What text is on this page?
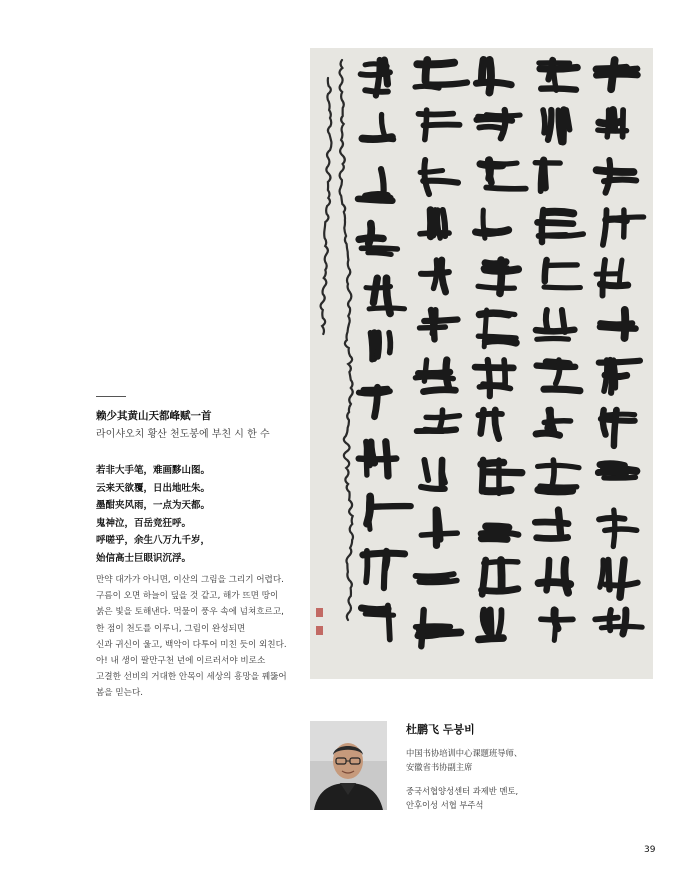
赖少其黄山天都峰赋一首
라이샤오치 황산 천도봉에 부친 시 한 수
若非大手笔，难画黟山图。
云来天欲覆，日出地吐朱。
墨酣夹风雨，一点为天都。
鬼神泣，百岳竞狂呼。
呼嗟乎，余生八万九千岁，
始信高士巨眼识沉浮。
만약 대가가 아니면, 이산의 그림을 그리기 어렵다.
구름이 오면 하늘이 덮을 것 같고, 해가 뜨면 땅이
붉은 빛을 토해낸다. 먹물이 풍우 속에 넘쳐흐르고,
한 점이 천도를 이루니, 그림이 완성되면
신과 귀신이 울고, 백악이 다투어 미친 듯이 외친다.
아! 내 생이 팔만구천 년에 이르러서야 비로소
고결한 선비의 거대한 안목이 세상의 흥망을 꿰뚫어
봄을 믿는다.
杜鹏飞 두붕비
中国书协培训中心课题班导师、
安徽省书协副主席
중국서협양성센터 과제반 멘토,
안후이성 서협 부주석
39
